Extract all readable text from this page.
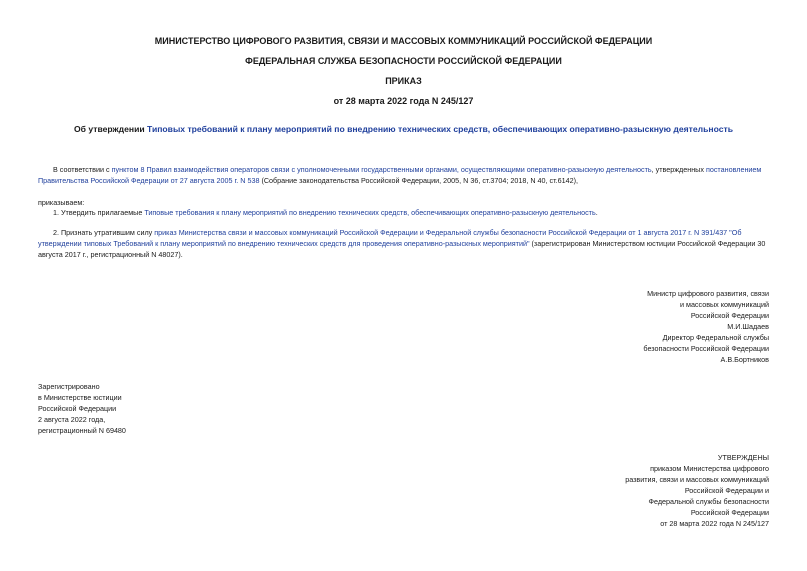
МИНИСТЕРСТВО ЦИФРОВОГО РАЗВИТИЯ, СВЯЗИ И МАССОВЫХ КОММУНИКАЦИЙ РОССИЙСКОЙ ФЕДЕРАЦИИ
ФЕДЕРАЛЬНАЯ СЛУЖБА БЕЗОПАСНОСТИ РОССИЙСКОЙ ФЕДЕРАЦИИ
ПРИКАЗ
от 28 марта 2022 года N 245/127
Об утверждении Типовых требований к плану мероприятий по внедрению технических средств, обеспечивающих оперативно-разыскную деятельность
В соответствии с пунктом 8 Правил взаимодействия операторов связи с уполномоченными государственными органами, осуществляющими оперативно-разыскную деятельность, утвержденных постановлением
Правительства Российской Федерации от 27 августа 2005 г. N 538 (Собрание законодательства Российской Федерации, 2005, N 36, ст.3704; 2018, N 40, ст.6142),
приказываем:
1. Утвердить прилагаемые Типовые требования к плану мероприятий по внедрению технических средств, обеспечивающих оперативно-разыскную деятельность.
2. Признать утратившим силу приказ Министерства связи и массовых коммуникаций Российской Федерации и Федеральной службы безопасности Российской Федерации от 1 августа 2017 г. N 391/437 "Об
утверждении типовых Требований к плану мероприятий по внедрению технических средств для проведения оперативно-разыскных мероприятий" (зарегистрирован Министерством юстиции Российской Федерации 30
августа 2017 г., регистрационный N 48027).
Министр цифрового развития, связи
и массовых коммуникаций
Российской Федерации
М.И.Шадаев
Директор Федеральной службы
безопасности Российской Федерации
А.В.Бортников
Зарегистрировано
в Министерстве юстиции
Российской Федерации
2 августа 2022 года,
регистрационный N 69480
УТВЕРЖДЕНЫ
приказом Министерства цифрового
развития, связи и массовых коммуникаций
Российской Федерации и
Федеральной службы безопасности
Российской Федерации
от 28 марта 2022 года N 245/127
